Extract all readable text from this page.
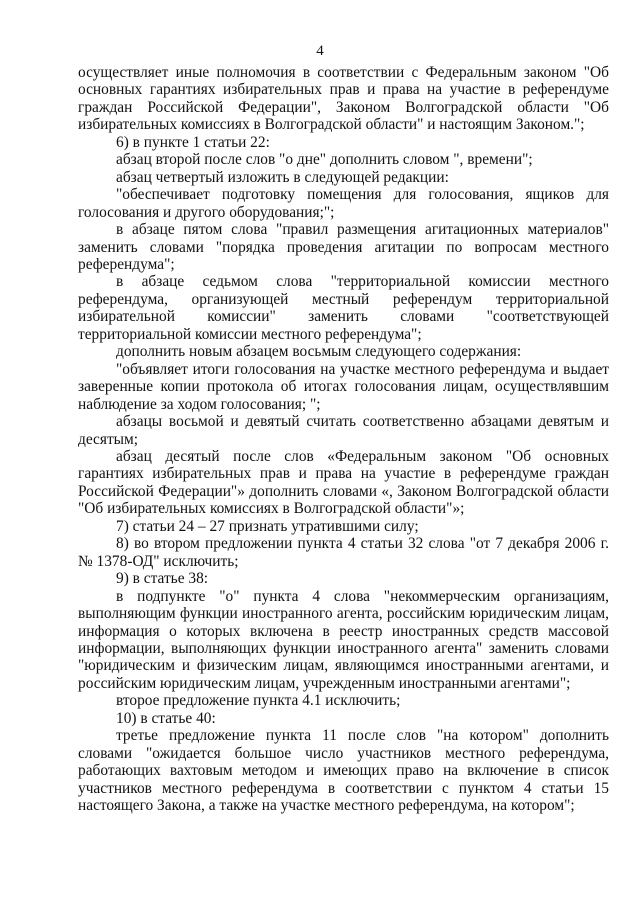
4

осуществляет иные полномочия в соответствии с Федеральным законом "Об основных гарантиях избирательных прав и права на участие в референдуме граждан Российской Федерации", Законом Волгоградской области "Об избирательных комиссиях в Волгоградской области" и настоящим Законом.";

6) в пункте 1 статьи 22:

абзац второй после слов "о дне" дополнить словом ", времени";

абзац четвертый изложить в следующей редакции:

"обеспечивает подготовку помещения для голосования, ящиков для голосования и другого оборудования;";

в абзаце пятом слова "правил размещения агитационных материалов" заменить словами "порядка проведения агитации по вопросам местного референдума";

в абзаце седьмом слова "территориальной комиссии местного референдума, организующей местный референдум территориальной избирательной комиссии" заменить словами "соответствующей территориальной комиссии местного референдума";

дополнить новым абзацем восьмым следующего содержания:

"объявляет итоги голосования на участке местного референдума и выдает заверенные копии протокола об итогах голосования лицам, осуществлявшим наблюдение за ходом голосования; ";

абзацы восьмой и девятый считать соответственно абзацами девятым и десятым;

абзац десятый после слов «Федеральным законом "Об основных гарантиях избирательных прав и права на участие в референдуме граждан Российской Федерации"» дополнить словами «, Законом Волгоградской области "Об избирательных комиссиях в Волгоградской области"»;

7) статьи 24 – 27 признать утратившими силу;

8) во втором предложении пункта 4 статьи 32 слова "от 7 декабря 2006 г. № 1378-ОД" исключить;

9) в статье 38:

в подпункте "о" пункта 4 слова "некоммерческим организациям, выполняющим функции иностранного агента, российским юридическим лицам, информация о которых включена в реестр иностранных средств массовой информации, выполняющих функции иностранного агента" заменить словами "юридическим и физическим лицам, являющимся иностранными агентами, и российским юридическим лицам, учрежденным иностранными агентами";

второе предложение пункта 4.1 исключить;

10) в статье 40:

третье предложение пункта 11 после слов "на котором" дополнить словами "ожидается большое число участников местного референдума, работающих вахтовым методом и имеющих право на включение в список участников местного референдума в соответствии с пунктом 4 статьи 15 настоящего Закона, а также на участке местного референдума, на котором";
